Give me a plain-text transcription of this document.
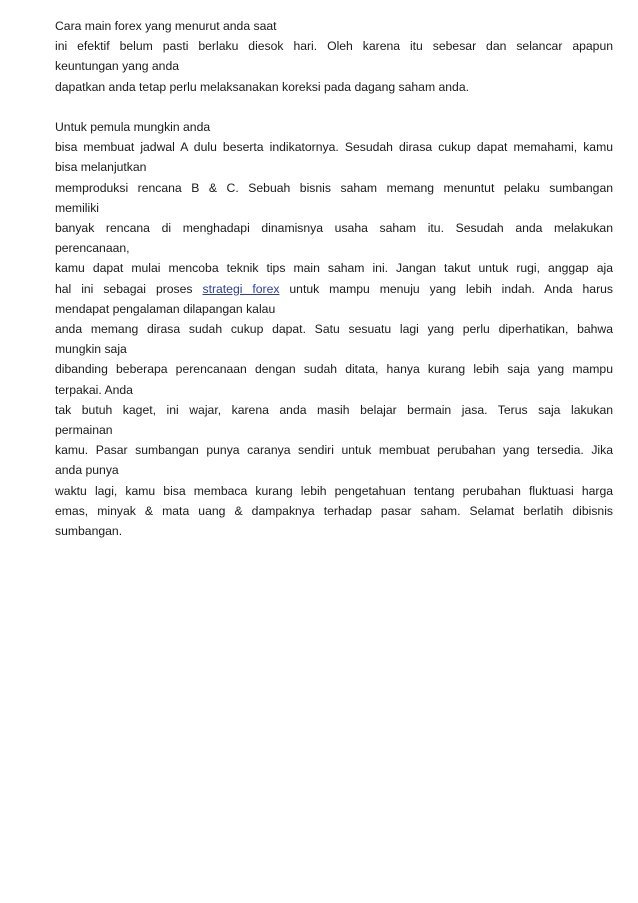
Cara main forex yang menurut anda saat
ini efektif belum pasti berlaku diesok hari. Oleh karena itu sebesar dan selancar apapun
keuntungan yang anda
dapatkan anda tetap perlu melaksanakan koreksi pada dagang saham anda.
Untuk pemula mungkin anda
bisa membuat jadwal A dulu beserta indikatornya. Sesudah dirasa cukup dapat memahami, kamu
bisa melanjutkan
memproduksi rencana B & C. Sebuah bisnis saham memang menuntut pelaku sumbangan
memiliki
banyak rencana di menghadapi dinamisnya usaha saham itu. Sesudah anda melakukan
perencanaan,
kamu dapat mulai mencoba teknik tips main saham ini. Jangan takut untuk rugi, anggap aja
hal ini sebagai proses strategi forex untuk mampu menuju yang lebih indah. Anda harus
mendapat pengalaman dilapangan kalau
anda memang dirasa sudah cukup dapat. Satu sesuatu lagi yang perlu diperhatikan, bahwa
mungkin saja
dibanding beberapa perencanaan dengan sudah ditata, hanya kurang lebih saja yang mampu
terpakai. Anda
tak butuh kaget, ini wajar, karena anda masih belajar bermain jasa. Terus saja lakukan
permainan
kamu. Pasar sumbangan punya caranya sendiri untuk membuat perubahan yang tersedia. Jika
anda punya
waktu lagi, kamu bisa membaca kurang lebih pengetahuan tentang perubahan fluktuasi harga
emas, minyak & mata uang & dampaknya terhadap pasar saham. Selamat berlatih dibisnis
sumbangan.
